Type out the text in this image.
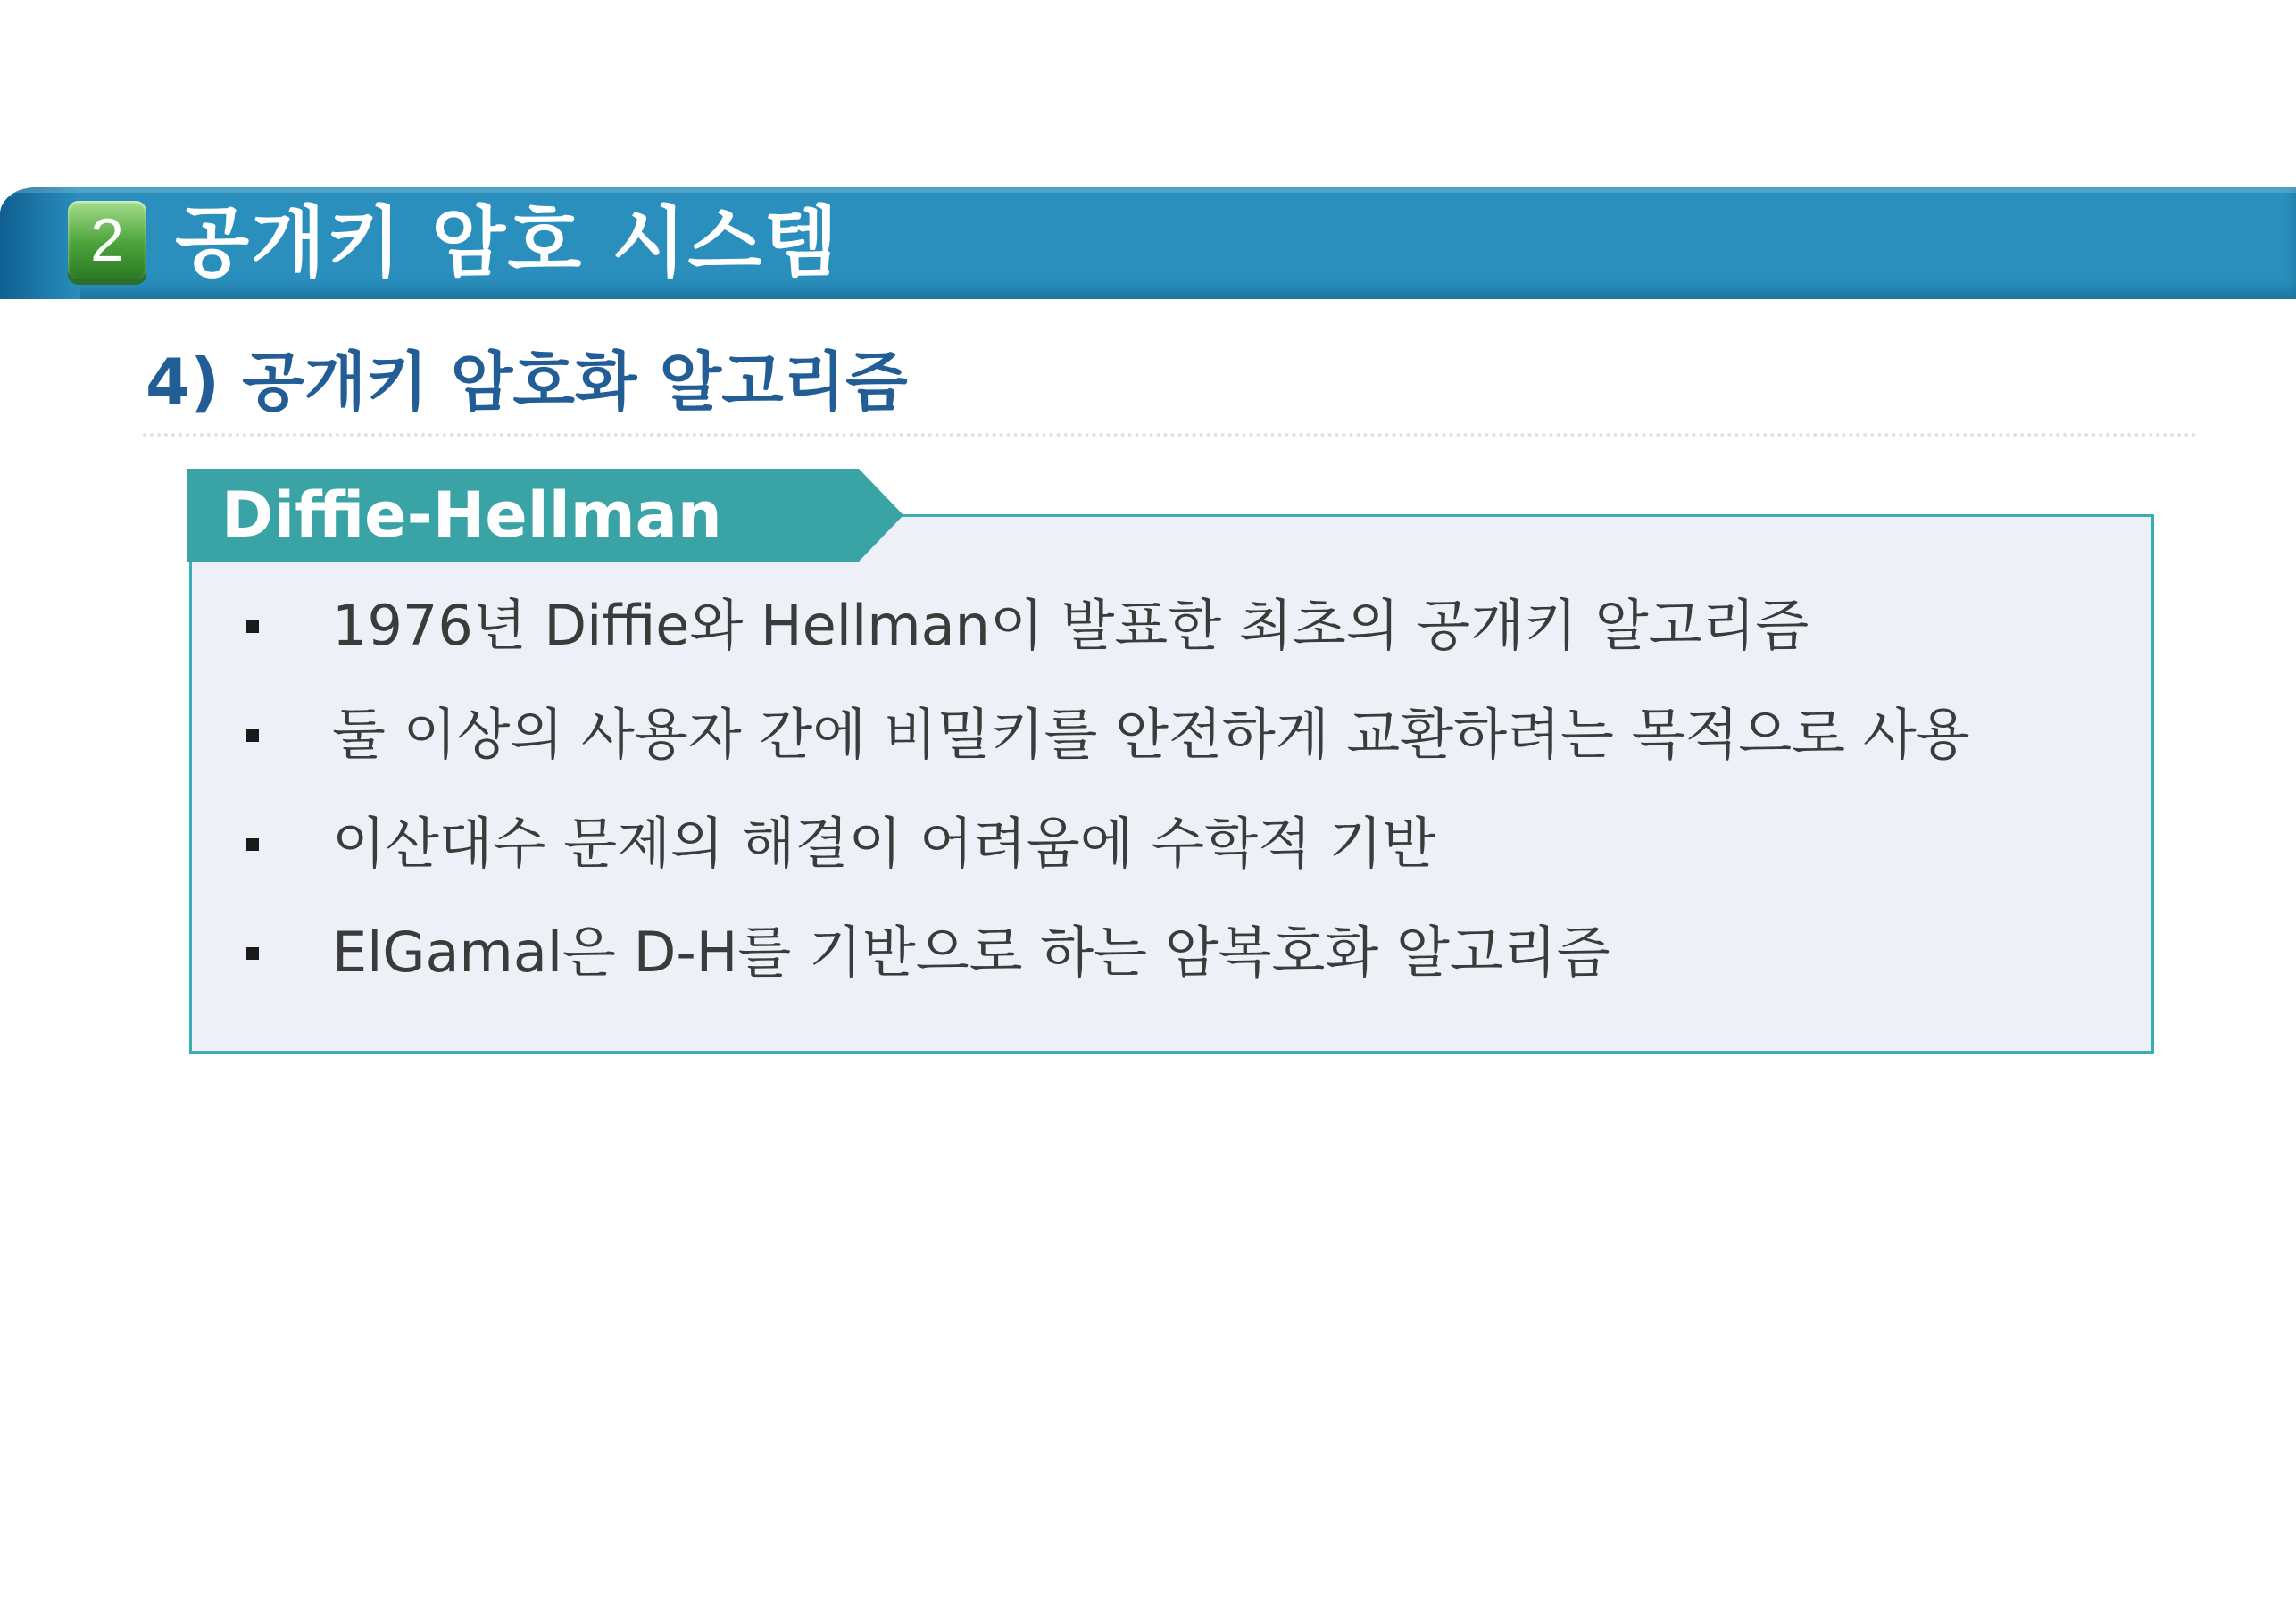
2 공개키 암호 시스템
4) 공개키 암호화 알고리즘
Diffie-Hellman
1976년 Diffie와 Hellman이 발표한 최초의 공개키 알고리즘
둘 이상의 사용자 간에 비밀키를 안전하게 교환하려는 목적으로 사용
이산대수 문제의 해결이 어려움에 수학적 기반
ElGamal은 D-H를 기반으로 하는 암복호화 알고리즘
